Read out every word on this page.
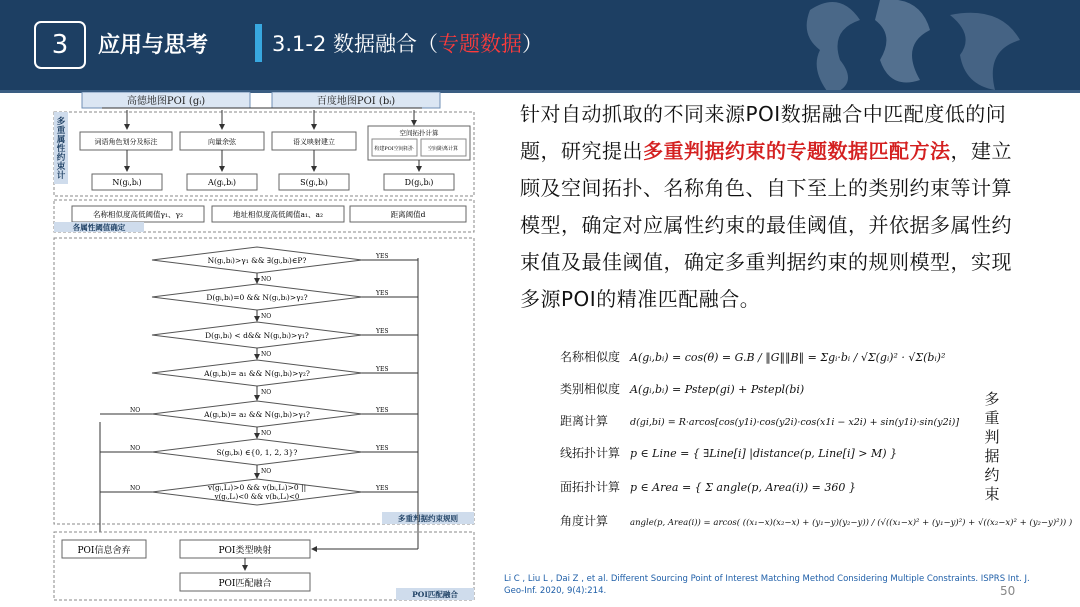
3	应用与思考	3.1-2 数据融合（专题数据）
高德地图POI (gᵢ)	百度地图POI (bᵢ)
多重属性约束计
词语角色划分及标注	向量余弦	语义映射建立
空间拓扑计算
构建POI空间拓扑	空间距离计算
N(gᵢ,bᵢ)	A(gᵢ,bᵢ)	S(gᵢ,bᵢ)	D(gᵢ,bᵢ)
名称相似度高低阈值γ₁、γ₂	地址相似度高低阈值a₁、a₂	距离阈值d
各属性阈值确定
N(gᵢ,bᵢ)>γ₁ && ∃(gᵢ,bᵢ)∈P?	YES
NO
D(gᵢ,bᵢ)=0 && N(gᵢ,bᵢ)>γ₂?	YES
NO
D(gᵢ,bᵢ) < d&& N(gᵢ,bᵢ)>γ₁?	YES
NO
A(gᵢ,bᵢ)= a₁ && N(gᵢ,bᵢ)>γ₂?	YES
NO
A(gᵢ,bᵢ)= a₂ && N(gᵢ,bᵢ)>γ₁?	YES
NO
NO
S(gᵢ,bᵢ) ∈{0, 1, 2, 3}?	YES
NO
NO
v(gᵢ,Lᵢ)>0 && v(bᵢ,Lᵢ)>0 ||
v(gᵢ,Lᵢ)<0 && v(bᵢ,Lᵢ)<0
YES
NO
多重判据约束规则
POI信息舍弃	POI类型映射
POI匹配融合
POI匹配融合
针对自动抓取的不同来源POI数据融合中匹配度低的问题，研究提出多重判据约束的专题数据匹配方法，建立顾及空间拓扑、名称角色、自下至上的类别约束等计算模型，确定对应属性约束的最佳阈值，并依据多属性约束值及最佳阈值，确定多重判据约束的规则模型，实现多源POI的精准匹配融合。
名称相似度 A(gᵢ,bᵢ) = cos(θ) = G.B / ‖G‖‖B‖ = Σgᵢ·bᵢ / √Σ(gᵢ)² · √Σ(bᵢ)²
类别相似度 A(gᵢ,bᵢ) = Pstep(gi) + Pstepl(bi)
距离计算 d(gi,bi) = R·arcos[cos(y1i)·cos(y2i)·cos(x1i − x2i) + sin(y1i)·sin(y2i)]
线拓扑计算 p ∈ Line = { ∃Line[i] |distance(p, Line[i] > M) }
面拓扑计算 p ∈ Area = { Σ angle(p, Area(i)) = 360 }
角度计算	angle(p, Area(i)) = arcos( ((x₁−x)(x₂−x) + (y₁−y)(y₂−y)) / (√((x₁−x)² + (y₁−y)²) + √((x₂−x)² + (y₂−y)²)) )
多重判据约束
Li C , Liu L , Dai Z , et al. Different Sourcing Point of Interest Matching Method Considering Multiple Constraints. ISPRS Int. J. Geo-Inf. 2020, 9(4):214.	50
